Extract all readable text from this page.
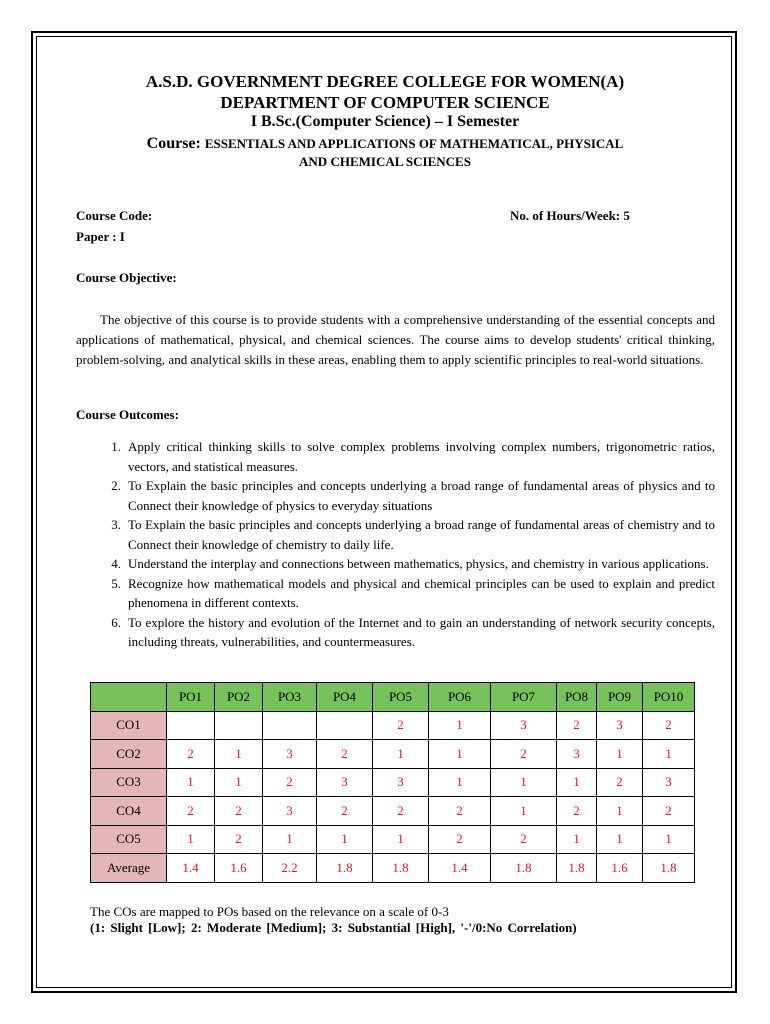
A.S.D. GOVERNMENT DEGREE COLLEGE FOR WOMEN(A)
DEPARTMENT OF COMPUTER SCIENCE
I B.Sc.(Computer Science) – I Semester
Course: ESSENTIALS AND APPLICATIONS OF MATHEMATICAL, PHYSICAL
AND CHEMICAL SCIENCES
Course Code:	No. of Hours/Week: 5
Paper : I
Course Objective:
The objective of this course is to provide students with a comprehensive understanding of the essential concepts and applications of mathematical, physical, and chemical sciences. The course aims to develop students' critical thinking, problem-solving, and analytical skills in these areas, enabling them to apply scientific principles to real-world situations.
Course Outcomes:
1. Apply critical thinking skills to solve complex problems involving complex numbers, trigonometric ratios, vectors, and statistical measures.
2. To Explain the basic principles and concepts underlying a broad range of fundamental areas of physics and to Connect their knowledge of physics to everyday situations
3. To Explain the basic principles and concepts underlying a broad range of fundamental areas of chemistry and to Connect their knowledge of chemistry to daily life.
4. Understand the interplay and connections between mathematics, physics, and chemistry in various applications.
5. Recognize how mathematical models and physical and chemical principles can be used to explain and predict phenomena in different contexts.
6. To explore the history and evolution of the Internet and to gain an understanding of network security concepts, including threats, vulnerabilities, and countermeasures.
	PO1	PO2	PO3	PO4	PO5	PO6	PO7	PO8	PO9	PO10
CO1					2	1	3	2	3	2
CO2	2	1	3	2	1	1	2	3	1	1
CO3	1	1	2	3	3	1	1	1	2	3
CO4	2	2	3	2	2	2	1	2	1	2
CO5	1	2	1	1	1	2	2	1	1	1
Average	1.4	1.6	2.2	1.8	1.8	1.4	1.8	1.8	1.6	1.8
The COs are mapped to POs based on the relevance on a scale of 0-3
(1: Slight [Low]; 2: Moderate [Medium]; 3: Substantial [High], '-'/0:No Correlation)
